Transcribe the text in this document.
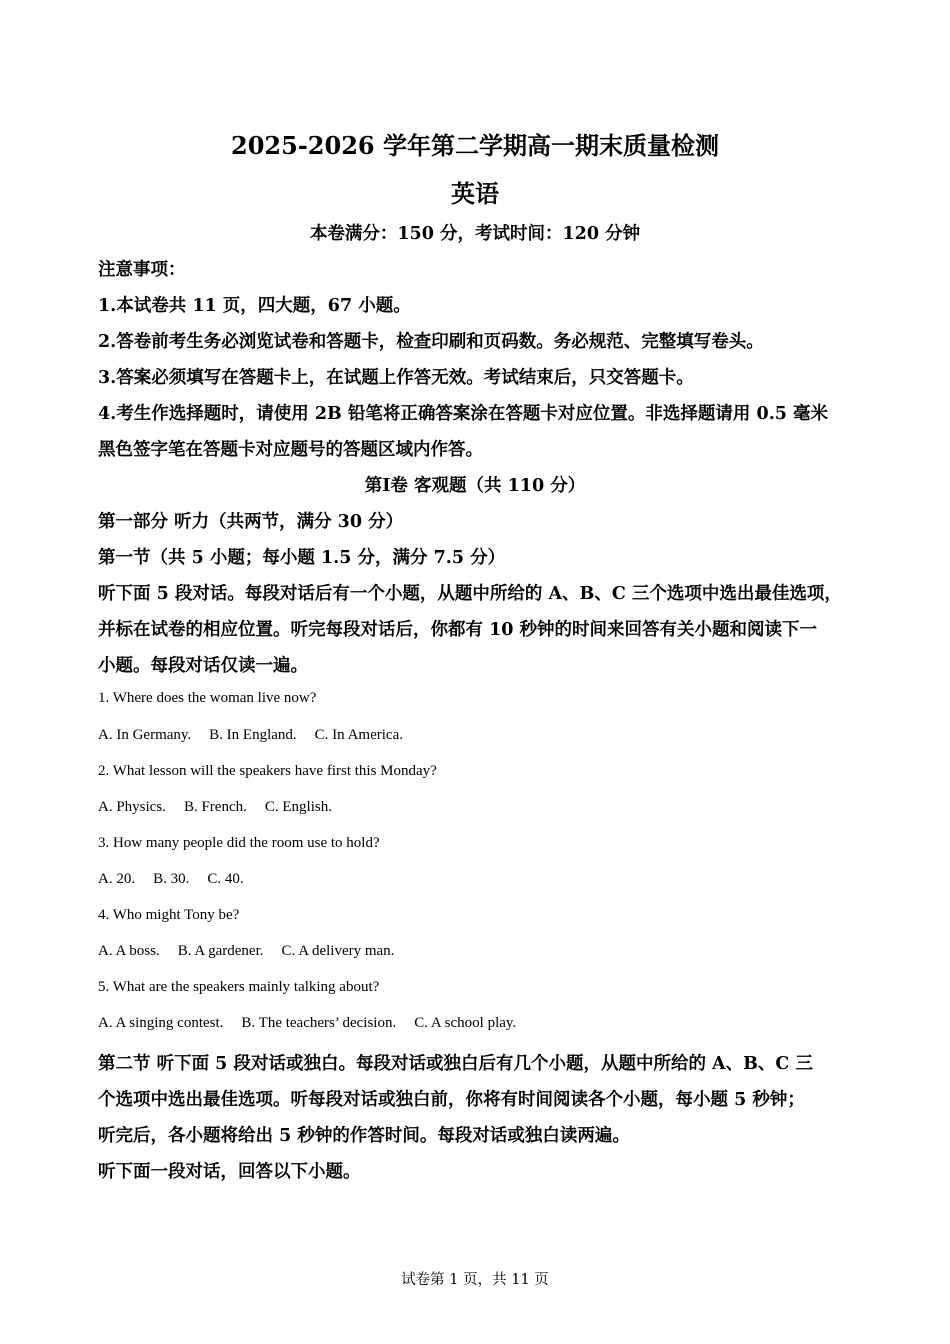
2025-2026 学年第二学期高一期末质量检测
英语
本卷满分：150 分，考试时间：120 分钟
注意事项：
1.本试卷共 11 页，四大题，67 小题。
2.答卷前考生务必浏览试卷和答题卡，检查印刷和页码数。务必规范、完整填写卷头。
3.答案必须填写在答题卡上，在试题上作答无效。考试结束后，只交答题卡。
4.考生作选择题时，请使用 2B 铅笔将正确答案涂在答题卡对应位置。非选择题请用 0.5 毫米
黑色签字笔在答题卡对应题号的答题区域内作答。
第Ⅰ卷 客观题（共 110 分）
第一部分 听力（共两节，满分 30 分）
第一节（共 5 小题；每小题 1.5 分，满分 7.5 分）
听下面 5 段对话。每段对话后有一个小题，从题中所给的 A、B、C 三个选项中选出最佳选项，
并标在试卷的相应位置。听完每段对话后，你都有 10 秒钟的时间来回答有关小题和阅读下一
小题。每段对话仅读一遍。
1. Where does the woman live now?
A. In Germany. B. In England. C. In America.
2. What lesson will the speakers have first this Monday?
A. Physics. B. French. C. English.
3. How many people did the room use to hold?
A. 20. B. 30. C. 40.
4. Who might Tony be?
A. A boss. B. A gardener. C. A delivery man.
5. What are the speakers mainly talking about?
A. A singing contest. B. The teachers’ decision. C. A school play.
第二节 听下面 5 段对话或独白。每段对话或独白后有几个小题，从题中所给的 A、B、C 三
个选项中选出最佳选项。听每段对话或独白前，你将有时间阅读各个小题，每小题 5 秒钟；
听完后，各小题将给出 5 秒钟的作答时间。每段对话或独白读两遍。
听下面一段对话，回答以下小题。
试卷第 1 页，共 11 页
